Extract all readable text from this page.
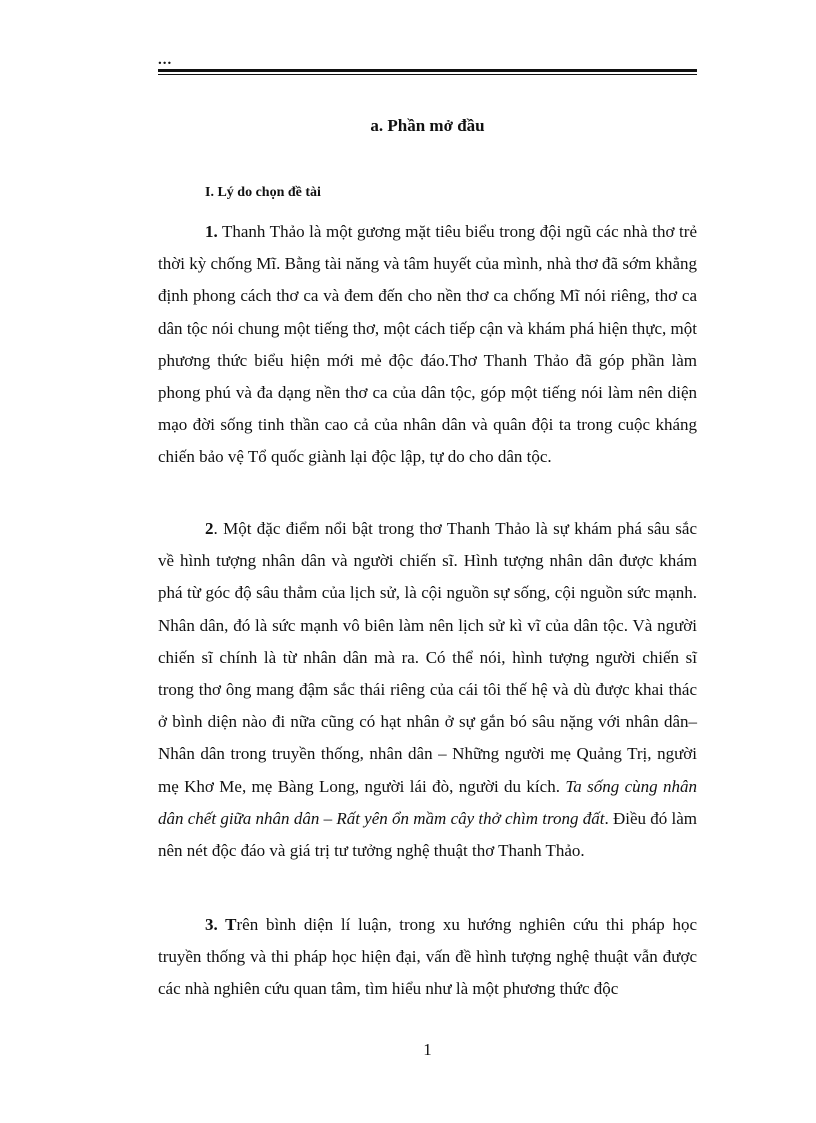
...
a. Phần mở đầu
I. Lý do chọn đề tài

1. Thanh Thảo là một gương mặt tiêu biểu trong đội ngũ các nhà thơ trẻ thời kỳ chống Mĩ. Bằng tài năng và tâm huyết của mình, nhà thơ đã sớm khẳng định phong cách thơ ca và đem đến cho nền thơ ca chống Mĩ nói riêng, thơ ca dân tộc nói chung một tiếng thơ, một cách tiếp cận và khám phá hiện thực, một phương thức biểu hiện mới mẻ độc đáo.Thơ Thanh Thảo đã góp phần làm phong phú và đa dạng nền thơ ca của dân tộc, góp một tiếng nói làm nên diện mạo đời sống tinh thần cao cả của nhân dân và quân đội ta trong cuộc kháng chiến bảo vệ Tổ quốc giành lại độc lập, tự do cho dân tộc.

2. Một đặc điểm nổi bật trong thơ Thanh Thảo là sự khám phá sâu sắc về hình tượng nhân dân và người chiến sĩ. Hình tượng nhân dân được khám phá từ góc độ sâu thẳm của lịch sử, là cội nguồn sự sống, cội nguồn sức mạnh. Nhân dân, đó là sức mạnh vô biên làm nên lịch sử kì vĩ của dân tộc. Và người chiến sĩ chính là từ nhân dân mà ra. Có thể nói, hình tượng người chiến sĩ trong thơ ông mang đậm sắc thái riêng của cái tôi thế hệ và dù được khai thác ở bình diện nào đi nữa cũng có hạt nhân ở sự gắn bó sâu nặng với nhân dân– Nhân dân trong truyền thống, nhân dân – Những người mẹ Quảng Trị, người mẹ Khơ Me, mẹ Bàng Long, người lái đò, người du kích. Ta sống cùng nhân dân chết giữa nhân dân – Rất yên ổn mầm cây thở chìm trong đất. Điều đó làm nên nét độc đáo và giá trị tư tưởng nghệ thuật thơ Thanh Thảo.

3. Trên bình diện lí luận, trong xu hướng nghiên cứu thi pháp học truyền thống và thi pháp học hiện đại, vấn đề hình tượng nghệ thuật vẫn được các nhà nghiên cứu quan tâm, tìm hiểu như là một phương thức độc

1
